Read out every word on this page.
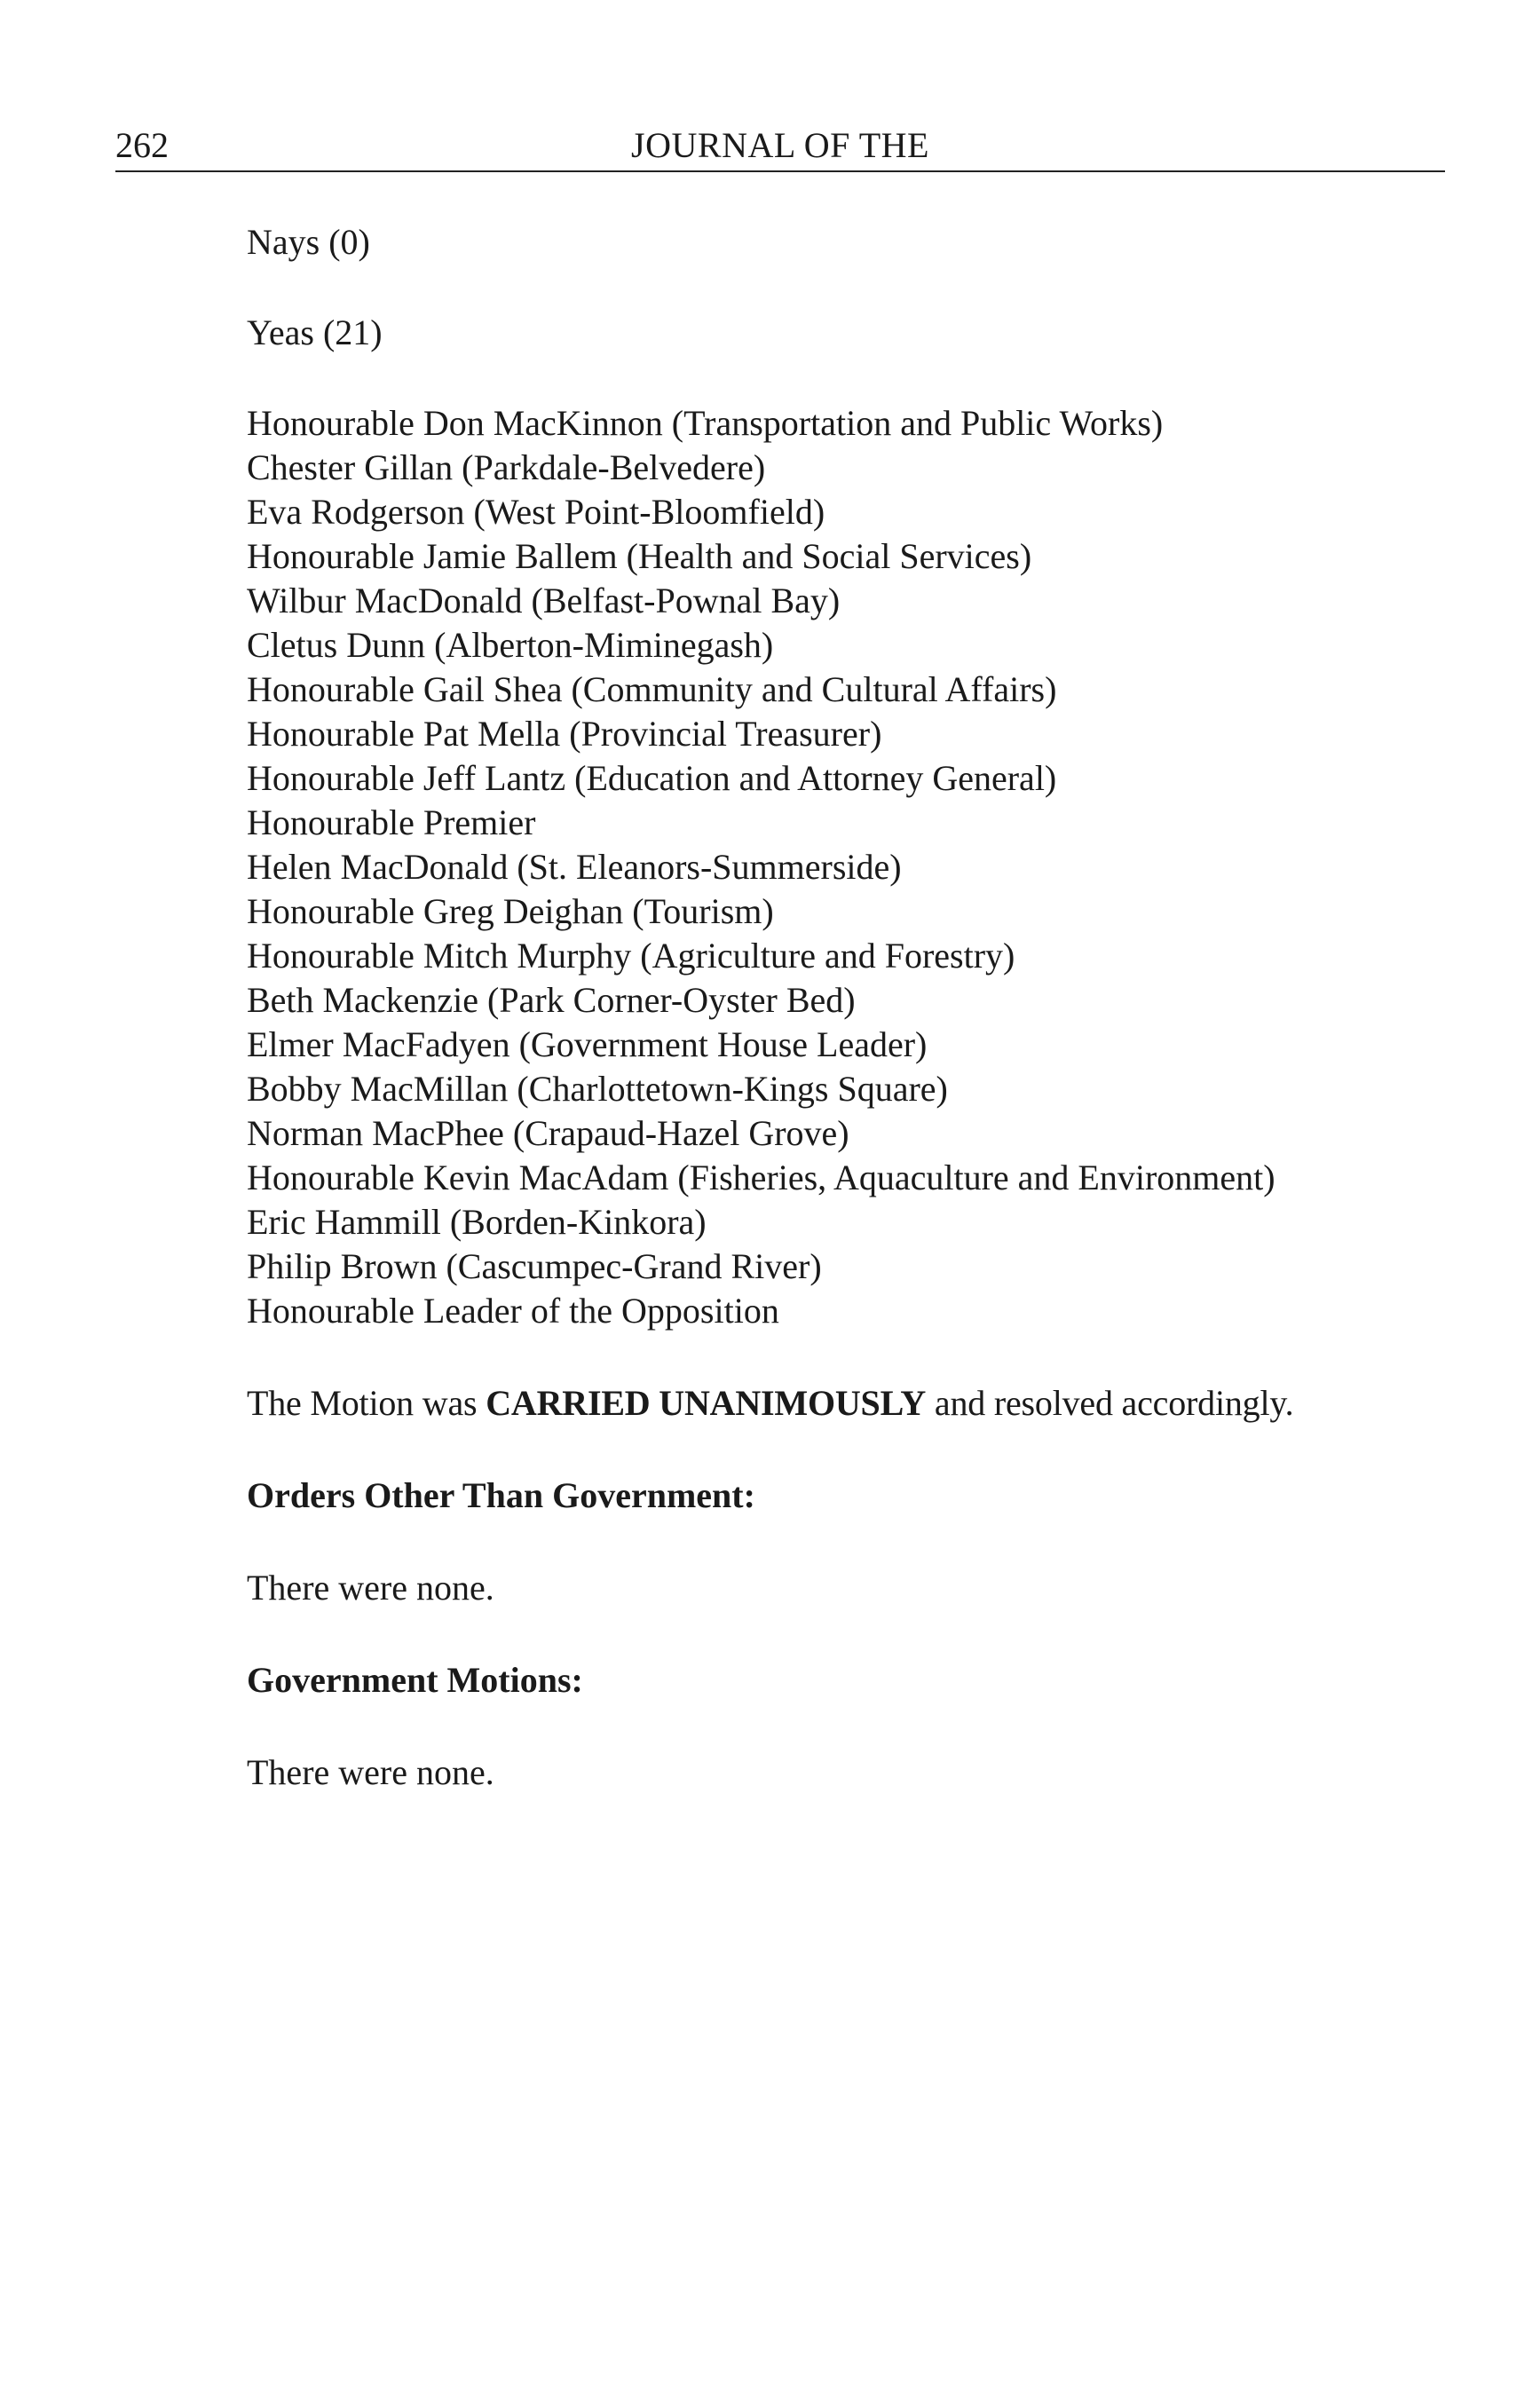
262	JOURNAL OF THE

Nays (0)

Yeas (21)

Honourable Don MacKinnon (Transportation and Public Works)
Chester Gillan (Parkdale-Belvedere)
Eva Rodgerson (West Point-Bloomfield)
Honourable Jamie Ballem (Health and Social Services)
Wilbur MacDonald (Belfast-Pownal Bay)
Cletus Dunn (Alberton-Miminegash)
Honourable Gail Shea (Community and Cultural Affairs)
Honourable Pat Mella (Provincial Treasurer)
Honourable Jeff Lantz (Education and Attorney General)
Honourable Premier
Helen MacDonald (St. Eleanors-Summerside)
Honourable Greg Deighan (Tourism)
Honourable Mitch Murphy (Agriculture and Forestry)
Beth Mackenzie (Park Corner-Oyster Bed)
Elmer MacFadyen (Government House Leader)
Bobby MacMillan (Charlottetown-Kings Square)
Norman MacPhee (Crapaud-Hazel Grove)
Honourable Kevin MacAdam (Fisheries, Aquaculture and Environment)
Eric Hammill (Borden-Kinkora)
Philip Brown (Cascumpec-Grand River)
Honourable Leader of the Opposition

The Motion was CARRIED UNANIMOUSLY and resolved accordingly.

Orders Other Than Government:

There were none.

Government Motions:

There were none.
